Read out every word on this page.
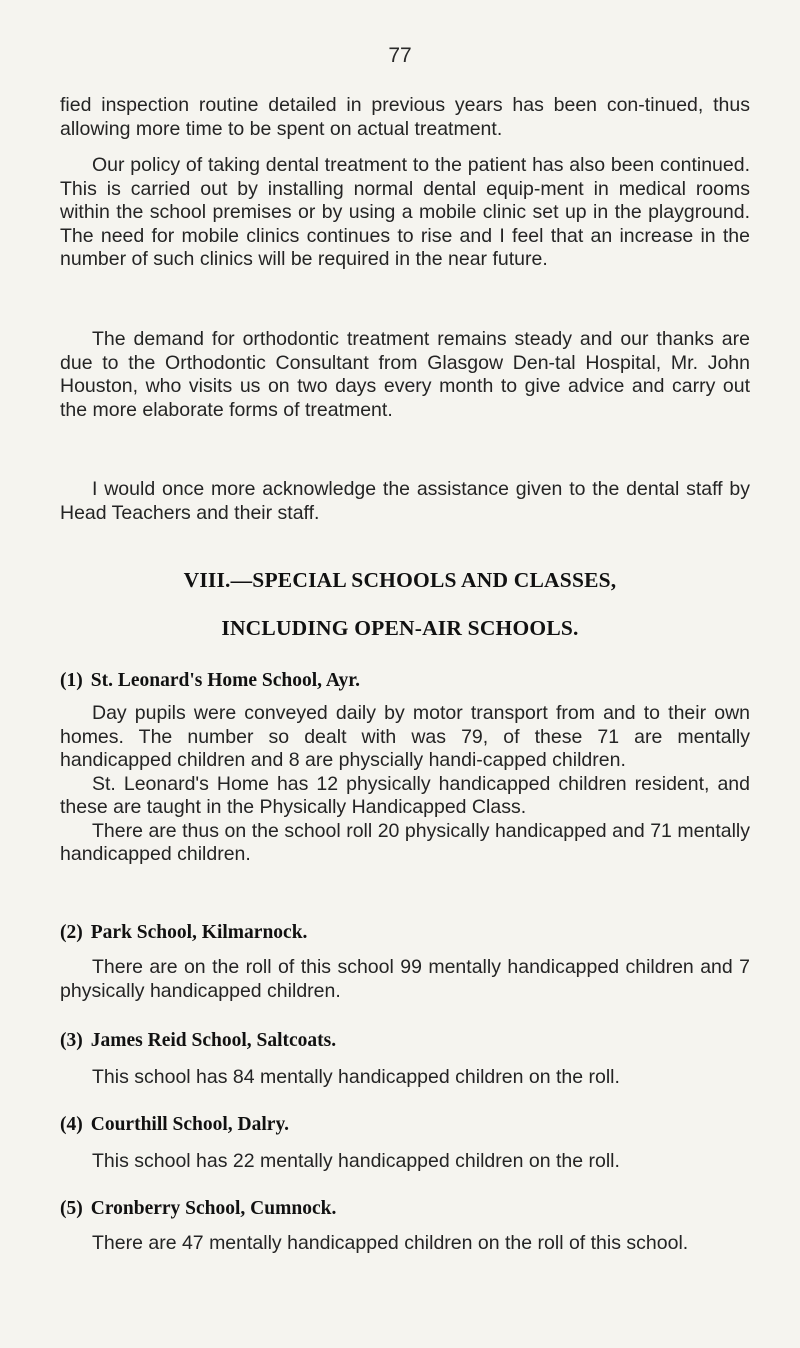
77

fied inspection routine detailed in previous years has been con-tinued, thus allowing more time to be spent on actual treatment.

Our policy of taking dental treatment to the patient has also been continued. This is carried out by installing normal dental equip-ment in medical rooms within the school premises or by using a mobile clinic set up in the playground. The need for mobile clinics continues to rise and I feel that an increase in the number of such clinics will be required in the near future.

The demand for orthodontic treatment remains steady and our thanks are due to the Orthodontic Consultant from Glasgow Den-tal Hospital, Mr. John Houston, who visits us on two days every month to give advice and carry out the more elaborate forms of treatment.

I would once more acknowledge the assistance given to the dental staff by Head Teachers and their staff.

VIII.—SPECIAL SCHOOLS AND CLASSES,
INCLUDING OPEN-AIR SCHOOLS.
(1) St. Leonard's Home School, Ayr.

Day pupils were conveyed daily by motor transport from and to their own homes. The number so dealt with was 79, of these 71 are mentally handicapped children and 8 are physcially handi-capped children.

St. Leonard's Home has 12 physically handicapped children resident, and these are taught in the Physically Handicapped Class.

There are thus on the school roll 20 physically handicapped and 71 mentally handicapped children.

(2) Park School, Kilmarnock.

There are on the roll of this school 99 mentally handicapped children and 7 physically handicapped children.

(3) James Reid School, Saltcoats.

This school has 84 mentally handicapped children on the roll.

(4) Courthill School, Dalry.

This school has 22 mentally handicapped children on the roll.

(5) Cronberry School, Cumnock.

There are 47 mentally handicapped children on the roll of this school.
